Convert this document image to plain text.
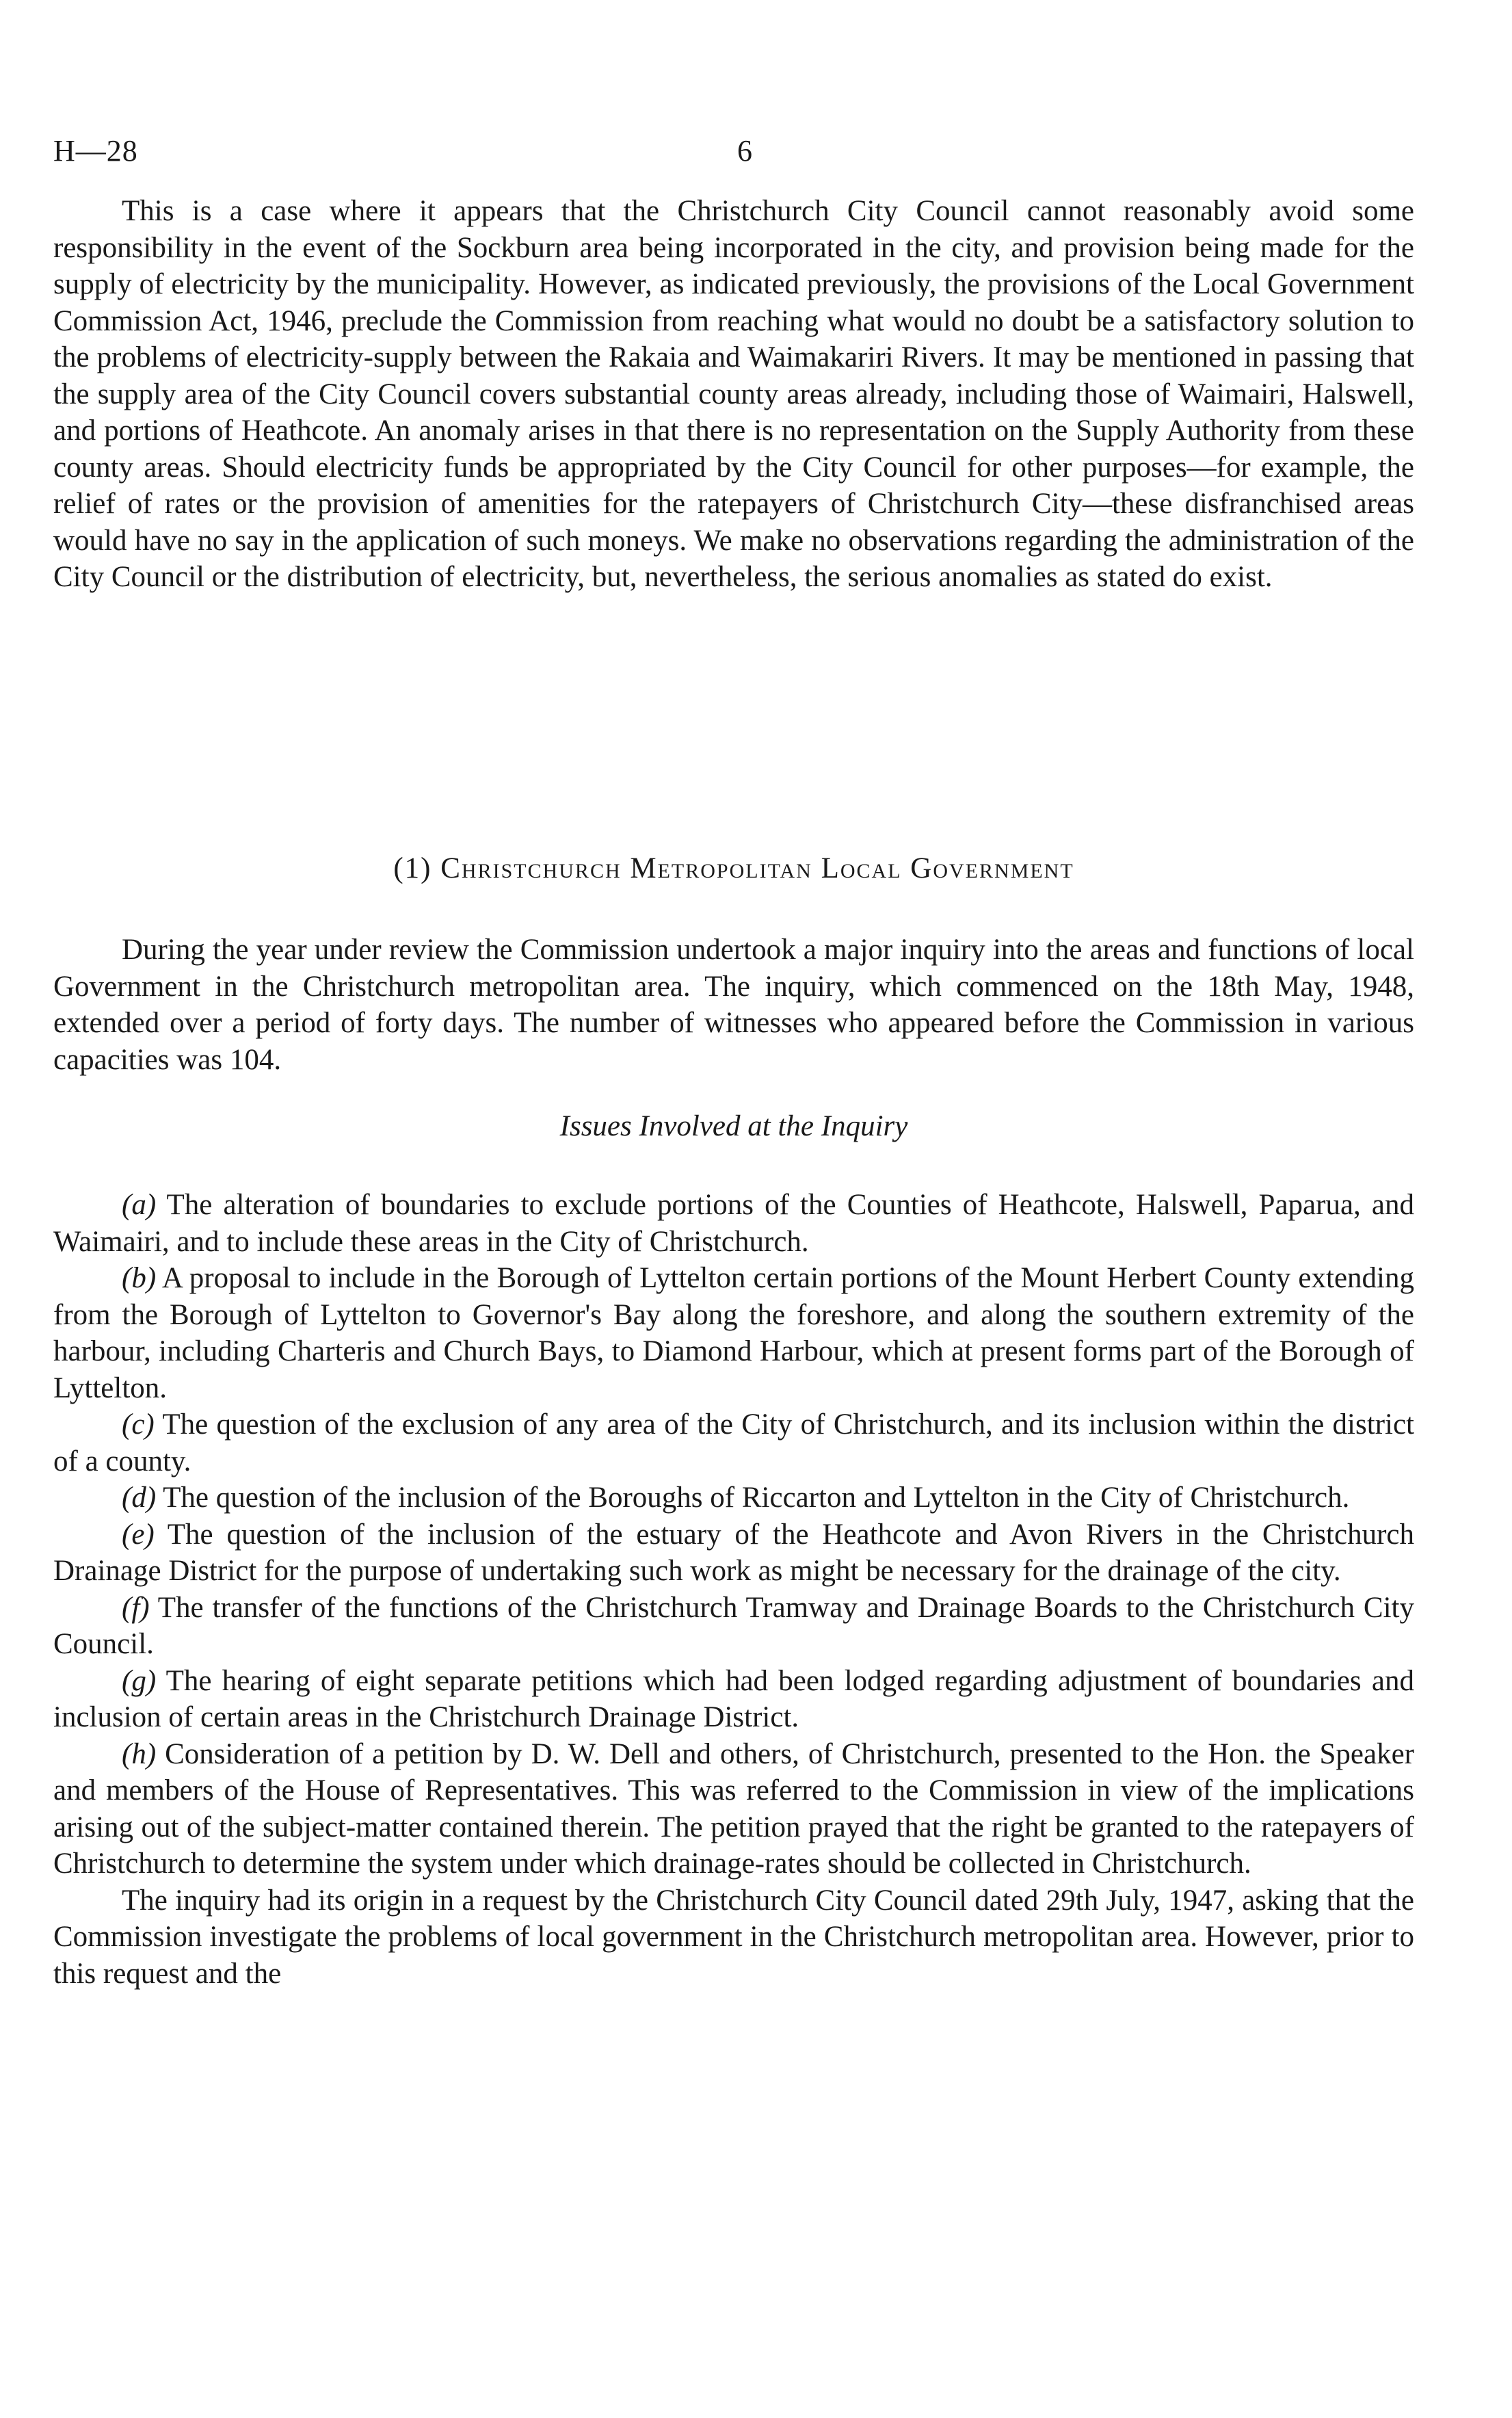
H—28	6

This is a case where it appears that the Christchurch City Council cannot reasonably avoid some responsibility in the event of the Sockburn area being incorporated in the city, and provision being made for the supply of electricity by the municipality. However, as indicated previously, the provisions of the Local Government Commission Act, 1946, preclude the Commission from reaching what would no doubt be a satisfactory solution to the problems of electricity-supply between the Rakaia and Waimakariri Rivers. It may be mentioned in passing that the supply area of the City Council covers substantial county areas already, including those of Waimairi, Halswell, and portions of Heathcote. An anomaly arises in that there is no representation on the Supply Authority from these county areas. Should electricity funds be appropriated by the City Council for other purposes—for example, the relief of rates or the provision of amenities for the ratepayers of Christchurch City—these disfranchised areas would have no say in the application of such moneys. We make no observations regarding the administration of the City Council or the distribution of electricity, but, nevertheless, the serious anomalies as stated do exist.

(1) Christchurch Metropolitan Local Government

During the year under review the Commission undertook a major inquiry into the areas and functions of local Government in the Christchurch metropolitan area. The inquiry, which commenced on the 18th May, 1948, extended over a period of forty days. The number of witnesses who appeared before the Commission in various capacities was 104.

Issues Involved at the Inquiry

(a) The alteration of boundaries to exclude portions of the Counties of Heathcote, Halswell, Paparua, and Waimairi, and to include these areas in the City of Christchurch.

(b) A proposal to include in the Borough of Lyttelton certain portions of the Mount Herbert County extending from the Borough of Lyttelton to Governor's Bay along the foreshore, and along the southern extremity of the harbour, including Charteris and Church Bays, to Diamond Harbour, which at present forms part of the Borough of Lyttelton.

(c) The question of the exclusion of any area of the City of Christchurch, and its inclusion within the district of a county.

(d) The question of the inclusion of the Boroughs of Riccarton and Lyttelton in the City of Christchurch.

(e) The question of the inclusion of the estuary of the Heathcote and Avon Rivers in the Christchurch Drainage District for the purpose of undertaking such work as might be necessary for the drainage of the city.

(f) The transfer of the functions of the Christchurch Tramway and Drainage Boards to the Christchurch City Council.

(g) The hearing of eight separate petitions which had been lodged regarding adjustment of boundaries and inclusion of certain areas in the Christchurch Drainage District.

(h) Consideration of a petition by D. W. Dell and others, of Christchurch, presented to the Hon. the Speaker and members of the House of Representatives. This was referred to the Commission in view of the implications arising out of the subject-matter contained therein. The petition prayed that the right be granted to the ratepayers of Christchurch to determine the system under which drainage-rates should be collected in Christchurch.

The inquiry had its origin in a request by the Christchurch City Council dated 29th July, 1947, asking that the Commission investigate the problems of local government in the Christchurch metropolitan area. However, prior to this request and the
